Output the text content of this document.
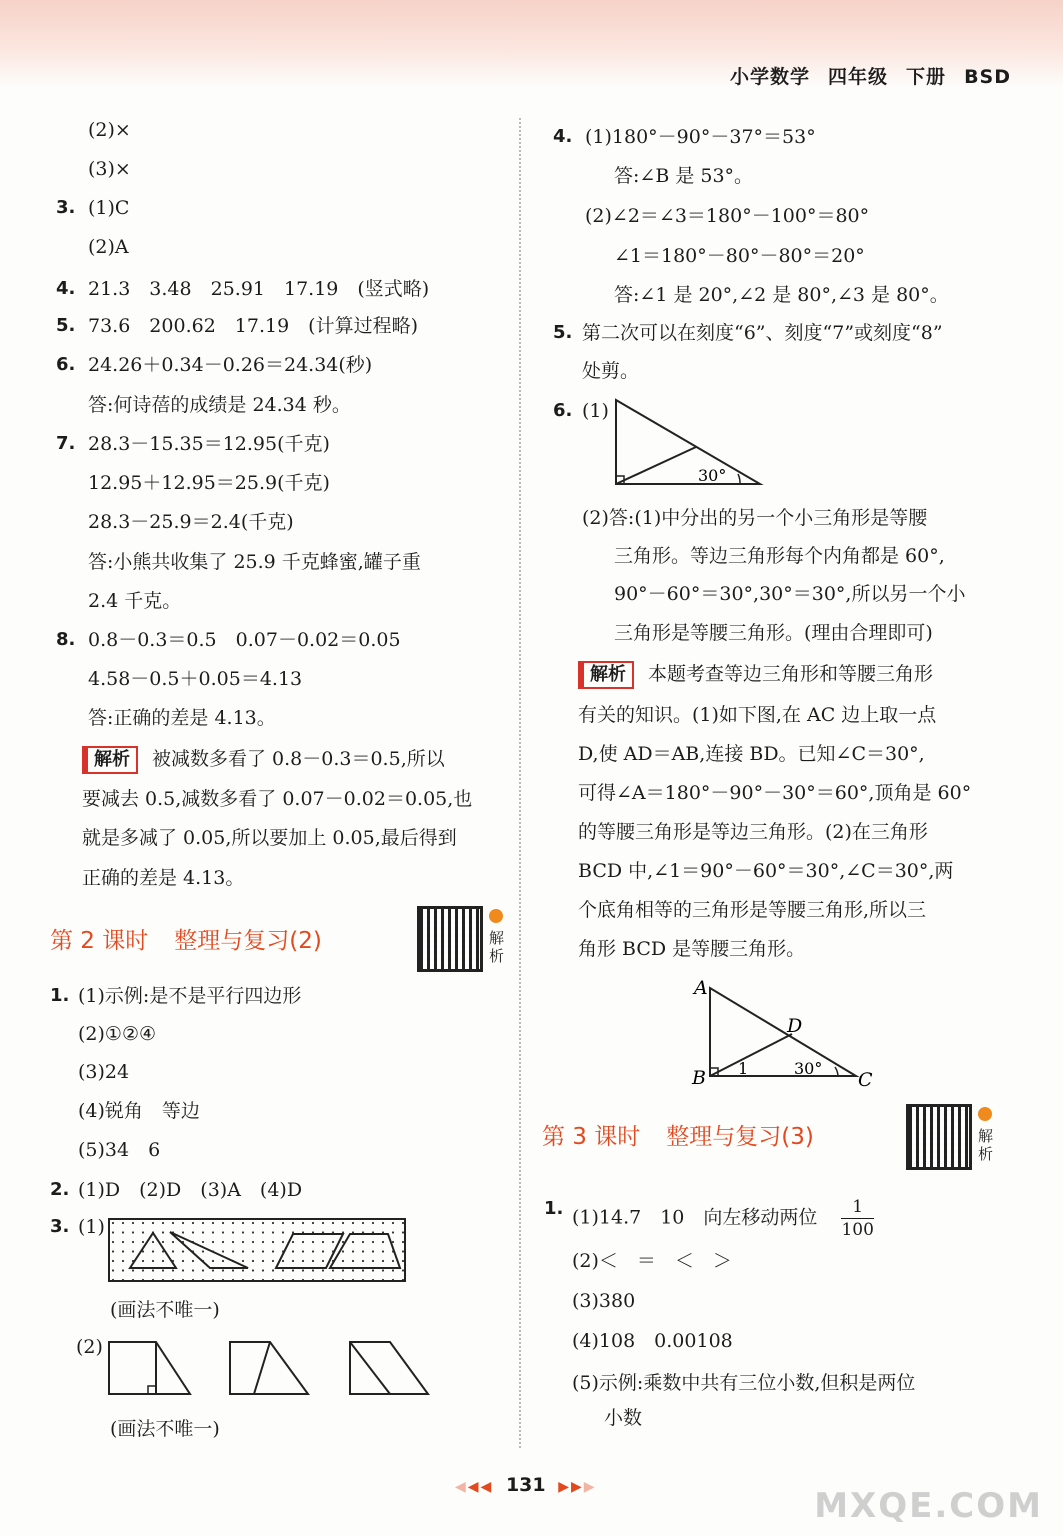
小学数学 四年级 下册 BSD
(2)×
(3)×
3. (1)C
(2)A
4. 21.3　3.48　25.91　17.19　(竖式略)
5. 73.6　200.62　17.19　(计算过程略)
6. 24.26＋0.34－0.26＝24.34(秒)
答:何诗蓓的成绩是 24.34 秒。
7. 28.3－15.35＝12.95(千克)
12.95＋12.95＝25.9(千克)
28.3－25.9＝2.4(千克)
答:小熊共收集了 25.9 千克蜂蜜,罐子重
2.4 千克。
8. 0.8－0.3＝0.5　0.07－0.02＝0.05
4.58－0.5＋0.05＝4.13
答:正确的差是 4.13。
解析 被减数多看了 0.8－0.3＝0.5,所以
要减去 0.5,减数多看了 0.07－0.02＝0.05,也
就是多减了 0.05,所以要加上 0.05,最后得到
正确的差是 4.13。
第 2 课时 整理与复习(2)	解析
1. (1)示例:是不是平行四边形
(2)①②④
(3)24
(4)锐角　等边
(5)34　6
2. (1)D　(2)D　(3)A　(4)D
3. (1)
(画法不唯一)
(2)
(画法不唯一)
4. (1)180°－90°－37°＝53°
答:∠B 是 53°。
(2)∠2＝∠3＝180°－100°＝80°
∠1＝180°－80°－80°＝20°
答:∠1 是 20°,∠2 是 80°,∠3 是 80°。
5. 第二次可以在刻度“6”、刻度“7”或刻度“8”
处剪。
6. (1)
30°
(2)答:(1)中分出的另一个小三角形是等腰
三角形。等边三角形每个内角都是 60°,
90°－60°＝30°,30°＝30°,所以另一个小
三角形是等腰三角形。(理由合理即可)
解析 本题考查等边三角形和等腰三角形
有关的知识。(1)如下图,在 AC 边上取一点
D,使 AD＝AB,连接 BD。已知∠C＝30°,
可得∠A＝180°－90°－30°＝60°,顶角是 60°
的等腰三角形是等边三角形。(2)在三角形
BCD 中,∠1＝90°－60°＝30°,∠C＝30°,两
个底角相等的三角形是等腰三角形,所以三
角形 BCD 是等腰三角形。
A
B	C
D
1	30°
第 3 课时 整理与复习(3)	解析
1. (1)14.7　10　向左移动两位 $\frac{1}{100}$
(2)＜　＝　＜　＞
(3)380
(4)108　0.00108
(5)示例:乘数中共有三位小数,但积是两位
小数
◀◀◀ 131 ▶▶▶	MXQE.COM
